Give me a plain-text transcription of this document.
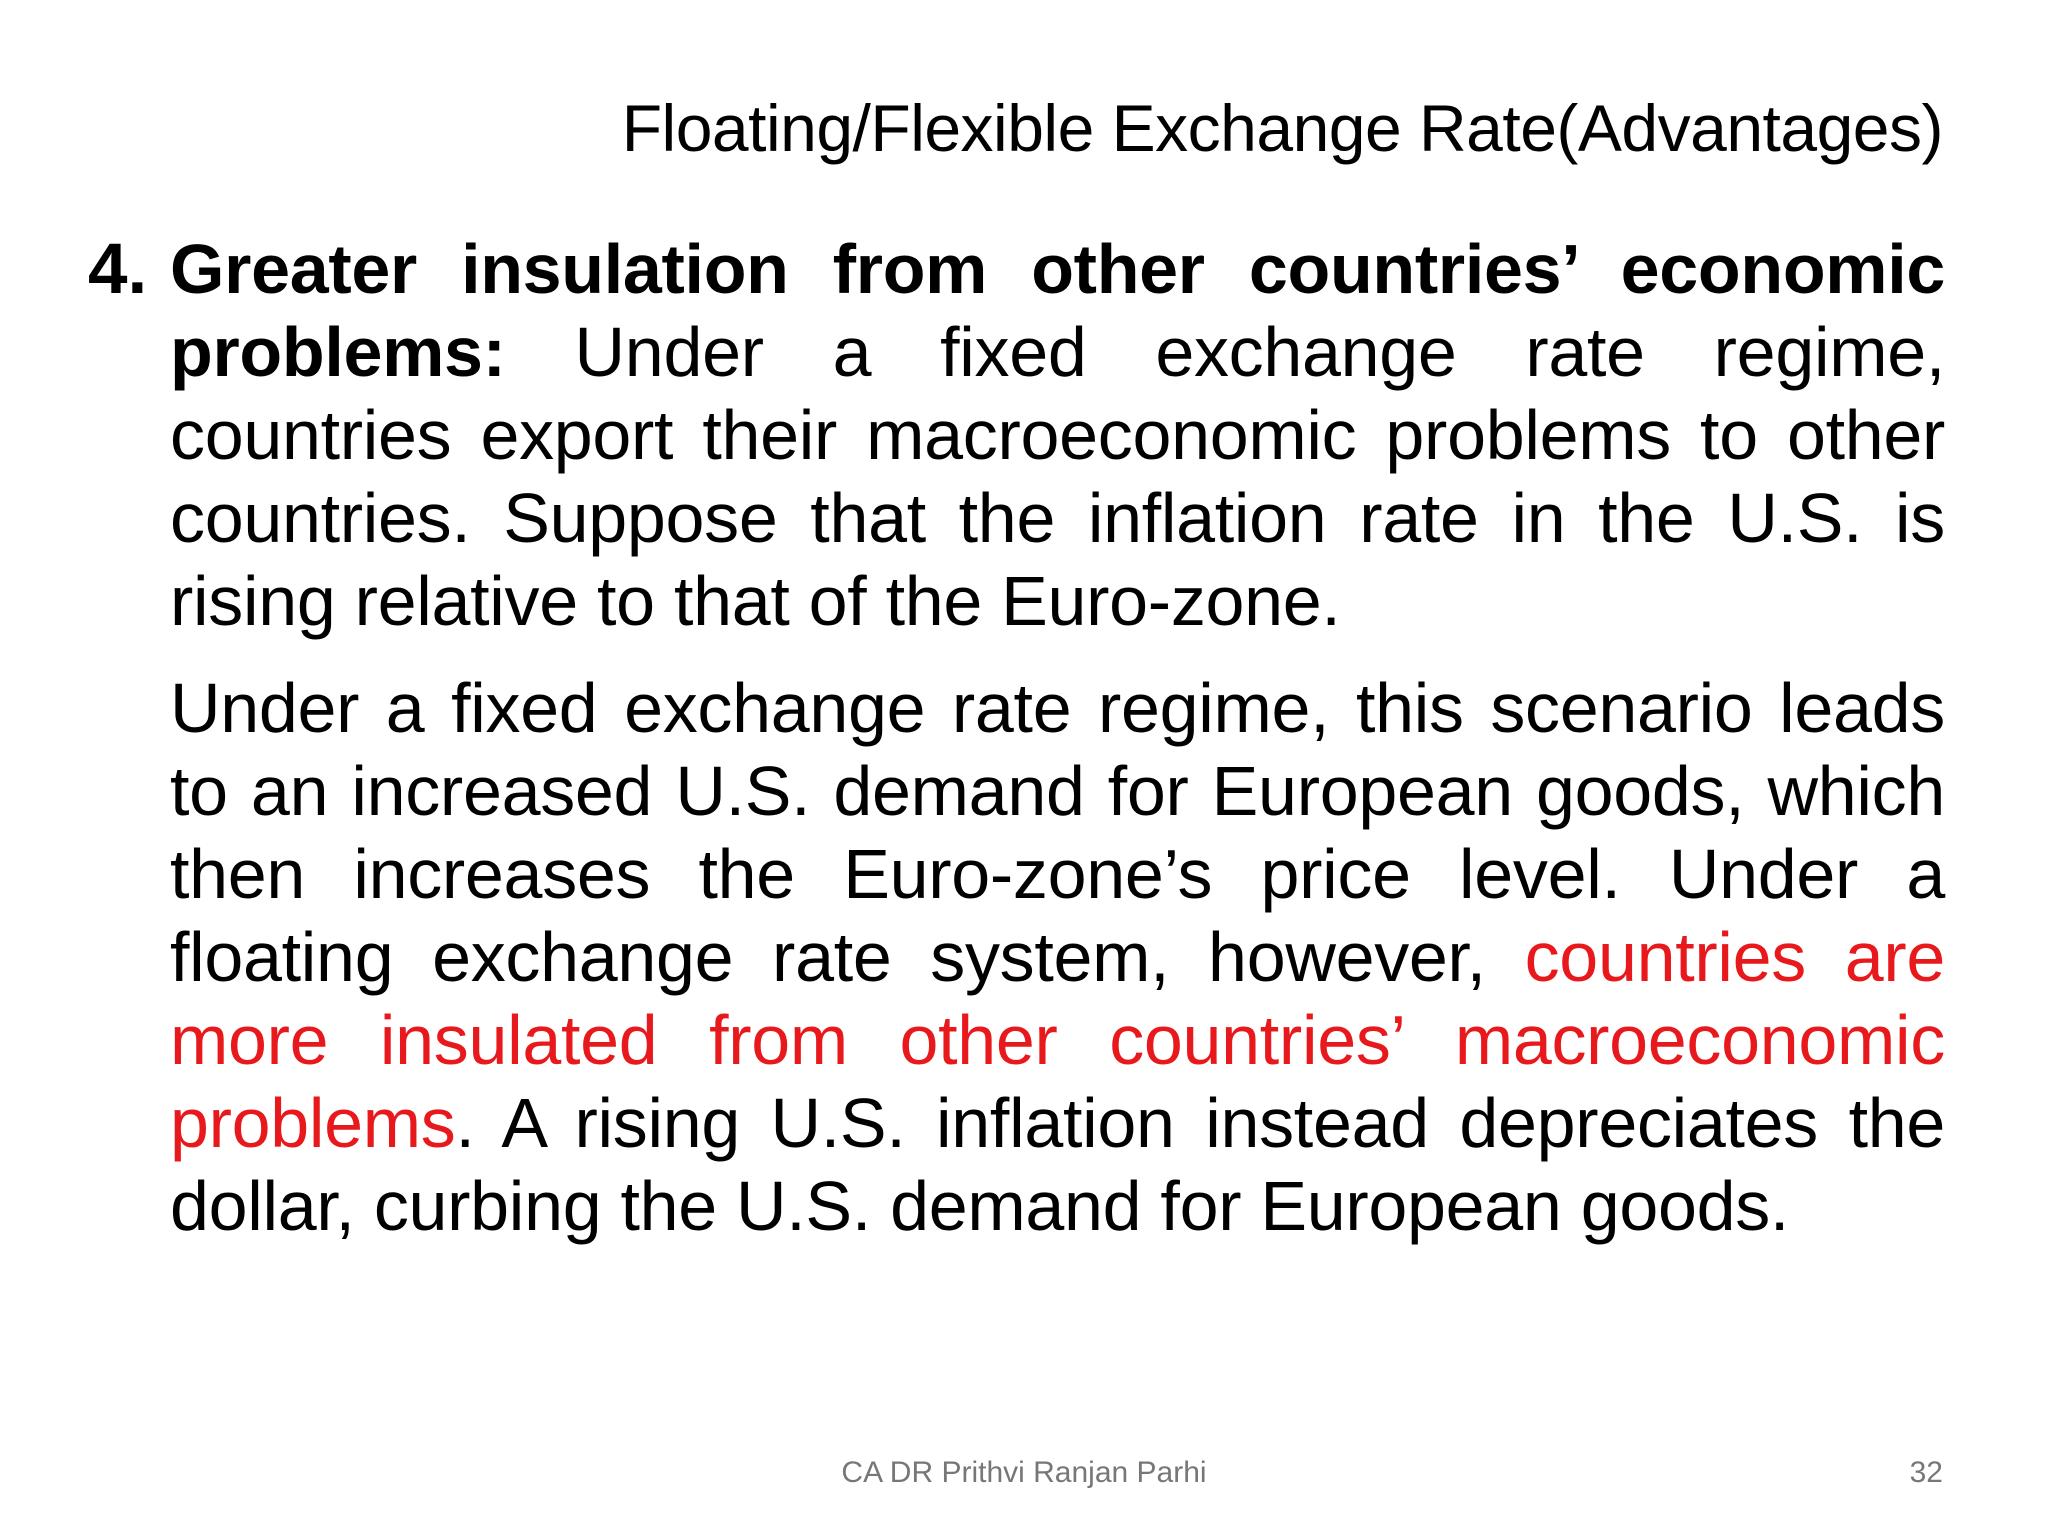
Floating/Flexible Exchange Rate(Advantages)
4. Greater insulation from other countries’ economic problems: Under a fixed exchange rate regime, countries export their macroeconomic problems to other countries. Suppose that the inflation rate in the U.S. is rising relative to that of the Euro-zone.

Under a fixed exchange rate regime, this scenario leads to an increased U.S. demand for European goods, which then increases the Euro-zone’s price level. Under a floating exchange rate system, however, countries are more insulated from other countries’ macroeconomic problems. A rising U.S. inflation instead depreciates the dollar, curbing the U.S. demand for European goods.

CA DR Prithvi Ranjan Parhi	32
